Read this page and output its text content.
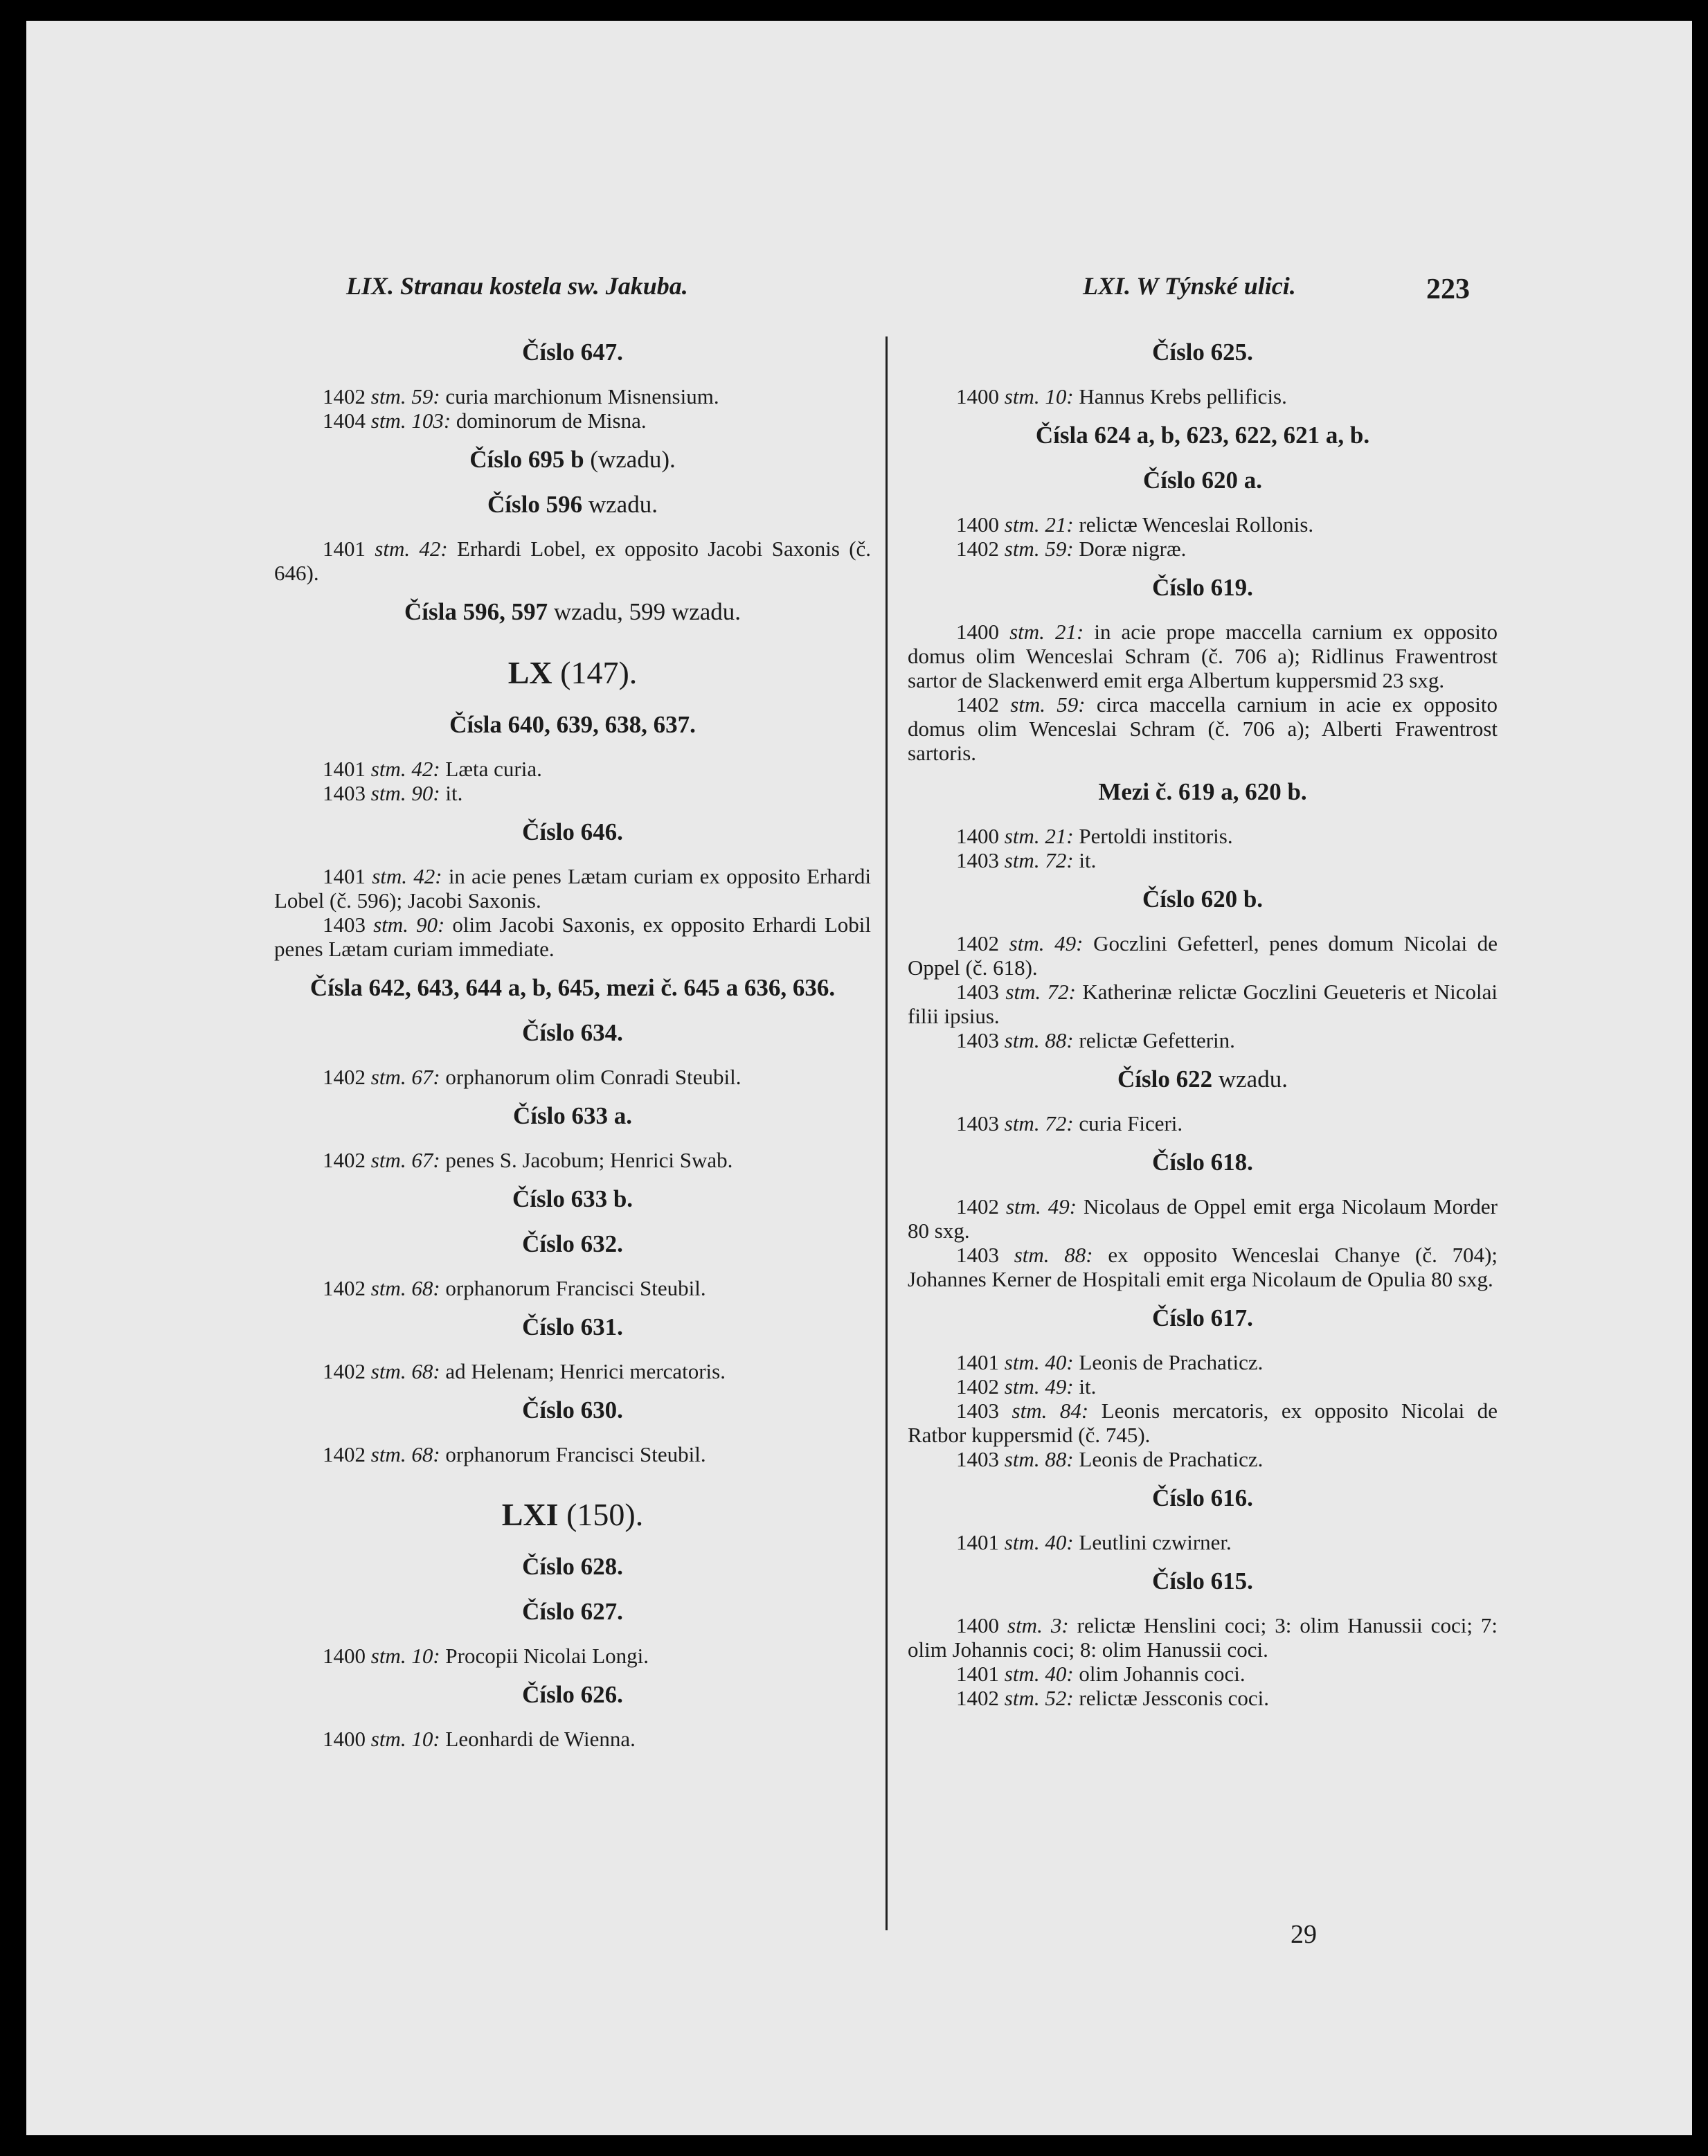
LIX. Stranau kostela sw. Jakuba.	LXI. W Týnské ulici.	223
Číslo 647.

1402 stm. 59: curia marchionum Misnensium.

1404 stm. 103: dominorum de Misna.

Číslo 695 b (wzadu).
Číslo 596 wzadu.

1401 stm. 42: Erhardi Lobel, ex opposito Jacobi Saxonis (č. 646).

Čísla 596, 597 wzadu, 599 wzadu.
LX (147).
Čísla 640, 639, 638, 637.

1401 stm. 42: Læta curia.

1403 stm. 90: it.

Číslo 646.

1401 stm. 42: in acie penes Lætam curiam ex opposito Erhardi Lobel (č. 596); Jacobi Saxonis.

1403 stm. 90: olim Jacobi Saxonis, ex opposito Erhardi Lobil penes Lætam curiam immediate.

Čísla 642, 643, 644 a, b, 645, mezi č. 645 a 636, 636.
Číslo 634.

1402 stm. 67: orphanorum olim Conradi Steubil.

Číslo 633 a.

1402 stm. 67: penes S. Jacobum; Henrici Swab.

Číslo 633 b.
Číslo 632.

1402 stm. 68: orphanorum Francisci Steubil.

Číslo 631.

1402 stm. 68: ad Helenam; Henrici mercatoris.

Číslo 630.

1402 stm. 68: orphanorum Francisci Steubil.

LXI (150).
Číslo 628.
Číslo 627.

1400 stm. 10: Procopii Nicolai Longi.

Číslo 626.

1400 stm. 10: Leonhardi de Wienna.

Číslo 625.

1400 stm. 10: Hannus Krebs pellificis.

Čísla 624 a, b, 623, 622, 621 a, b.
Číslo 620 a.

1400 stm. 21: relictæ Wenceslai Rollonis.

1402 stm. 59: Doræ nigræ.

Číslo 619.

1400 stm. 21: in acie prope maccella carnium ex opposito domus olim Wenceslai Schram (č. 706 a); Ridlinus Frawentrost sartor de Slackenwerd emit erga Albertum kuppersmid 23 sxg.

1402 stm. 59: circa maccella carnium in acie ex opposito domus olim Wenceslai Schram (č. 706 a); Alberti Frawentrost sartoris.

Mezi č. 619 a, 620 b.

1400 stm. 21: Pertoldi institoris.

1403 stm. 72: it.

Číslo 620 b.

1402 stm. 49: Goczlini Gefetterl, penes domum Nicolai de Oppel (č. 618).

1403 stm. 72: Katherinæ relictæ Goczlini Geueteris et Nicolai filii ipsius.

1403 stm. 88: relictæ Gefetterin.

Číslo 622 wzadu.

1403 stm. 72: curia Ficeri.

Číslo 618.

1402 stm. 49: Nicolaus de Oppel emit erga Nicolaum Morder 80 sxg.

1403 stm. 88: ex opposito Wenceslai Chanye (č. 704); Johannes Kerner de Hospitali emit erga Nicolaum de Opulia 80 sxg.

Číslo 617.

1401 stm. 40: Leonis de Prachaticz.

1402 stm. 49: it.

1403 stm. 84: Leonis mercatoris, ex opposito Nicolai de Ratbor kuppersmid (č. 745).

1403 stm. 88: Leonis de Prachaticz.

Číslo 616.

1401 stm. 40: Leutlini czwirner.

Číslo 615.

1400 stm. 3: relictæ Henslini coci; 3: olim Hanussii coci; 7: olim Johannis coci; 8: olim Hanussii coci.

1401 stm. 40: olim Johannis coci.

1402 stm. 52: relictæ Jessconis coci.

29
